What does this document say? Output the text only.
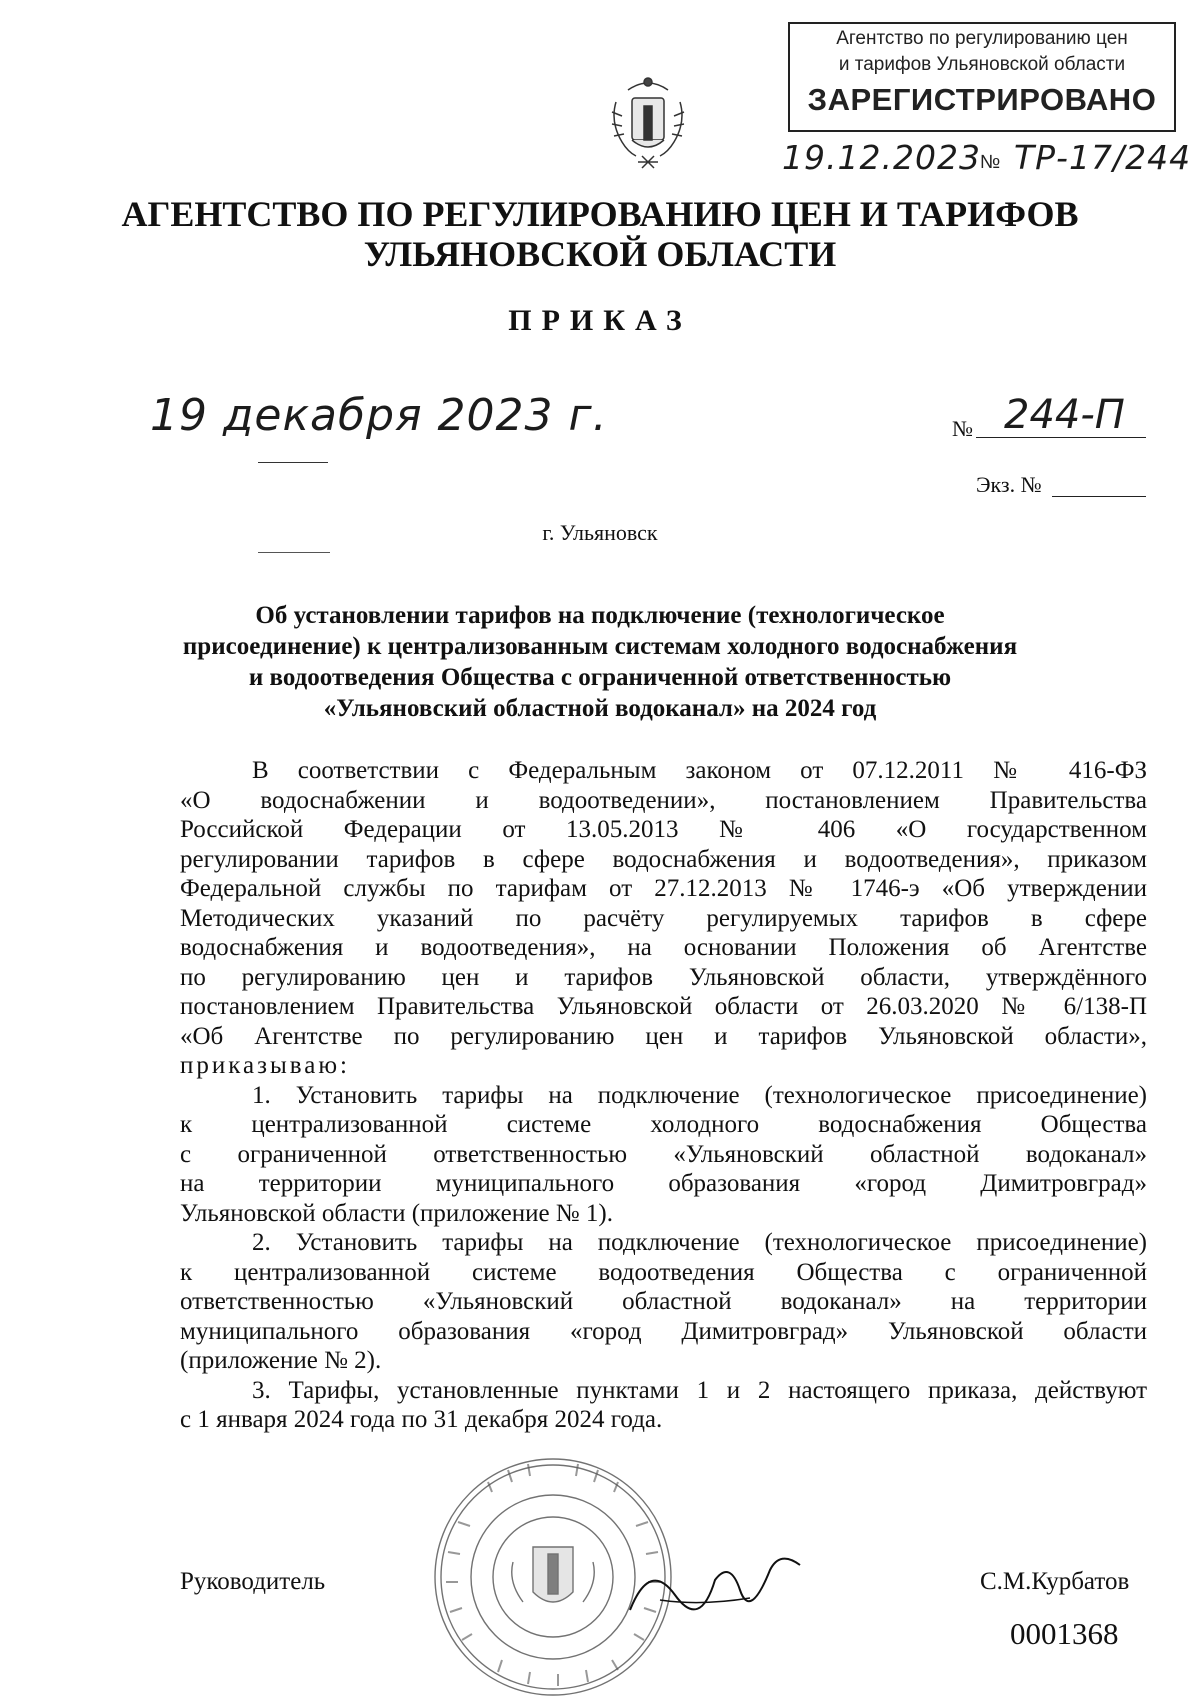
Агентство по регулированию цен
и тарифов Ульяновской области
ЗАРЕГИСТРИРОВАНО
19.12.2023 № ТР-17/244
АГЕНТСТВО ПО РЕГУЛИРОВАНИЮ ЦЕН И ТАРИФОВ
УЛЬЯНОВСКОЙ ОБЛАСТИ
ПРИКАЗ
19 декабря 2023 г.	№ 244-П
Экз. №
г. Ульяновск
Об установлении тарифов на подключение (технологическое
присоединение) к централизованным системам холодного водоснабжения
и водоотведения Общества с ограниченной ответственностью
«Ульяновский областной водоканал» на 2024 год
В соответствии с Федеральным законом от 07.12.2011 № 416-ФЗ
«О водоснабжении и водоотведении», постановлением Правительства
Российской Федерации от 13.05.2013 № 406 «О государственном
регулировании тарифов в сфере водоснабжения и водоотведения», приказом
Федеральной службы по тарифам от 27.12.2013 № 1746-э «Об утверждении
Методических указаний по расчёту регулируемых тарифов в сфере
водоснабжения и водоотведения», на основании Положения об Агентстве
по регулированию цен и тарифов Ульяновской области, утверждённого
постановлением Правительства Ульяновской области от 26.03.2020 № 6/138-П
«Об Агентстве по регулированию цен и тарифов Ульяновской области»,
приказываю:
1. Установить тарифы на подключение (технологическое присоединение)
к централизованной системе холодного водоснабжения Общества
с ограниченной ответственностью «Ульяновский областной водоканал»
на территории муниципального образования «город Димитровград»
Ульяновской области (приложение № 1).
2. Установить тарифы на подключение (технологическое присоединение)
к централизованной системе водоотведения Общества с ограниченной
ответственностью «Ульяновский областной водоканал» на территории
муниципального образования «город Димитровград» Ульяновской области
(приложение № 2).
3. Тарифы, установленные пунктами 1 и 2 настоящего приказа, действуют
с 1 января 2024 года по 31 декабря 2024 года.
Руководитель	С.М.Курбатов
0001368
